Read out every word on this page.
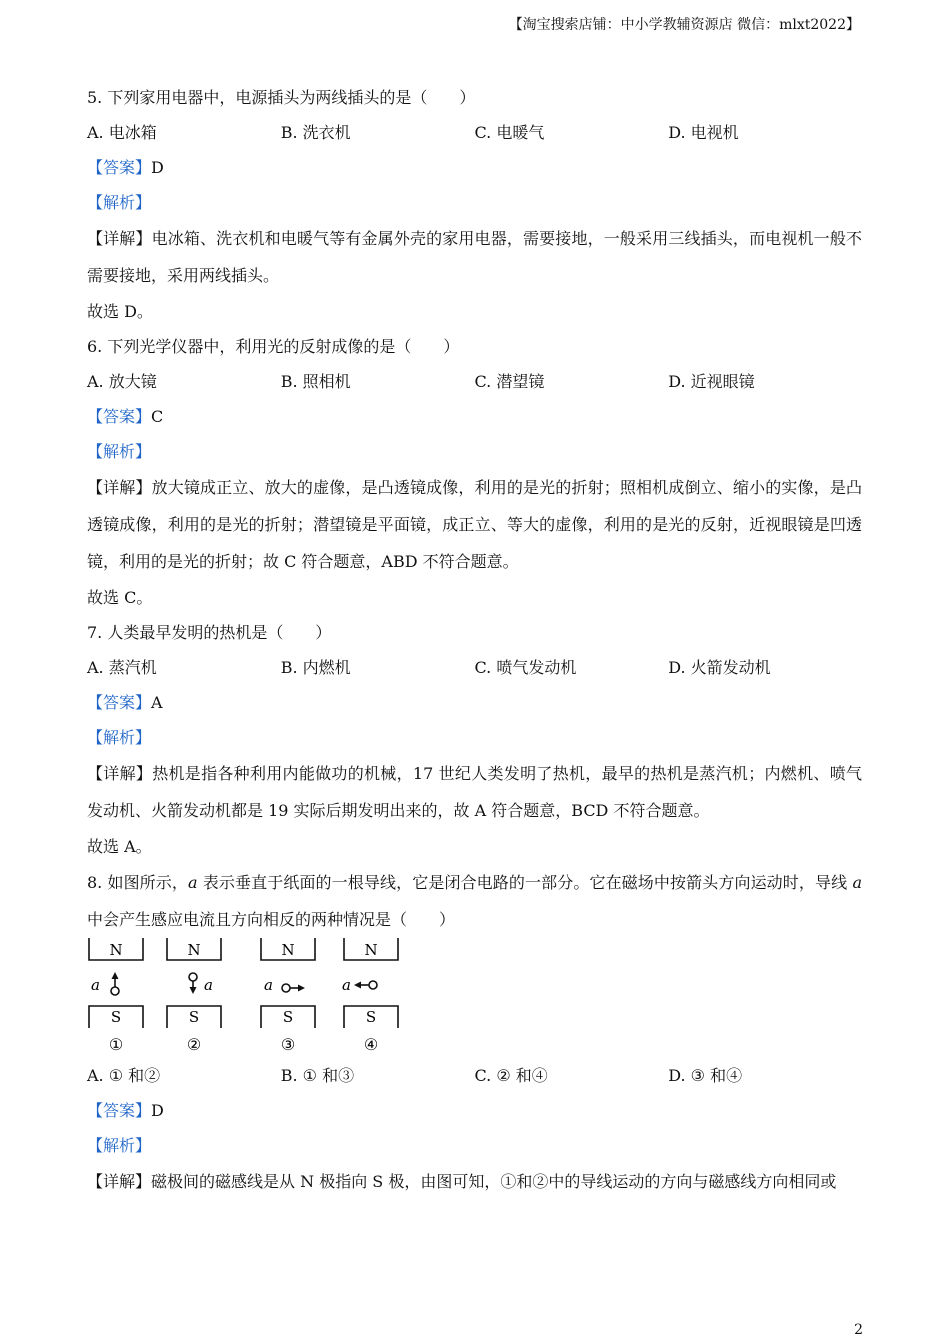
【淘宝搜索店铺：中小学教辅资源店 微信：mlxt2022】
5. 下列家用电器中，电源插头为两线插头的是（　　）
A. 电冰箱	B. 洗衣机	C. 电暖气	D. 电视机
【答案】D
【解析】
【详解】电冰箱、洗衣机和电暖气等有金属外壳的家用电器，需要接地，一般采用三线插头，而电视机一般不需要接地，采用两线插头。
故选 D。
6. 下列光学仪器中，利用光的反射成像的是（　　）
A. 放大镜	B. 照相机	C. 潜望镜	D. 近视眼镜
【答案】C
【解析】
【详解】放大镜成正立、放大的虚像，是凸透镜成像，利用的是光的折射；照相机成倒立、缩小的实像，是凸透镜成像，利用的是光的折射；潜望镜是平面镜，成正立、等大的虚像，利用的是光的反射，近视眼镜是凹透镜，利用的是光的折射；故 C 符合题意，ABD 不符合题意。
故选 C。
7. 人类最早发明的热机是（　　）
A. 蒸汽机	B. 内燃机	C. 喷气发动机	D. 火箭发动机
【答案】A
【解析】
【详解】热机是指各种利用内能做功的机械，17 世纪人类发明了热机，最早的热机是蒸汽机；内燃机、喷气发动机、火箭发动机都是 19 实际后期发明出来的，故 A 符合题意，BCD 不符合题意。
故选 A。
8. 如图所示，a 表示垂直于纸面的一根导线，它是闭合电路的一部分。它在磁场中按箭头方向运动时，导线 a 中会产生感应电流且方向相反的两种情况是（　　）
N
S
a
①
N
S
a
②
N
S
a
③
N
S
a
④
A. ① 和②	B. ① 和③	C. ② 和④	D. ③ 和④
【答案】D
【解析】
【详解】磁极间的磁感线是从 N 极指向 S 极，由图可知，①和②中的导线运动的方向与磁感线方向相同或
2
